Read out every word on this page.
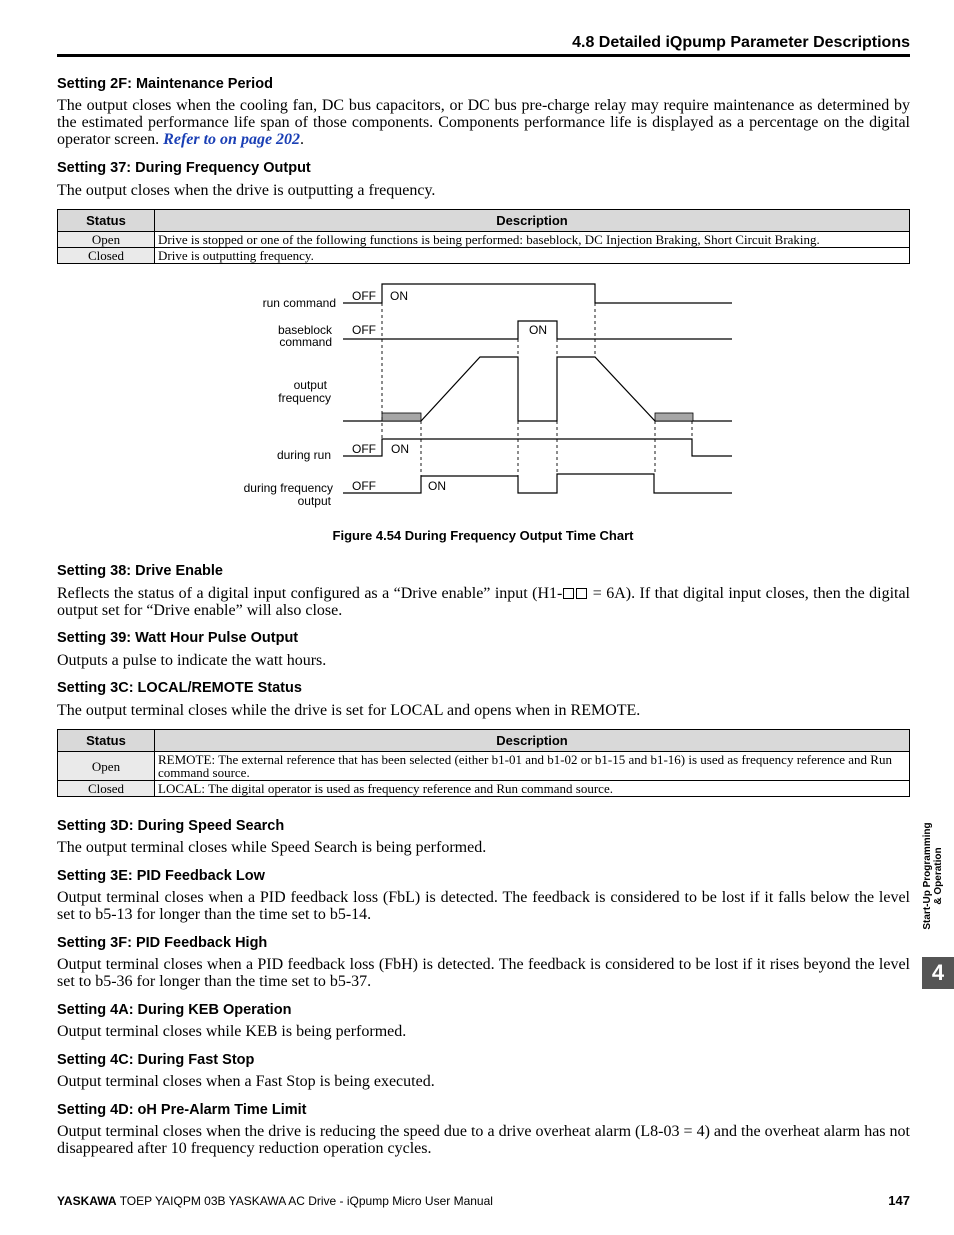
4.8 Detailed iQpump Parameter Descriptions
Setting 2F: Maintenance Period
The output closes when the cooling fan, DC bus capacitors, or DC bus pre-charge relay may require maintenance as determined by the estimated performance life span of those components. Components performance life is displayed as a percentage on the digital operator screen. Refer to on page 202.
Setting 37: During Frequency Output
The output closes when the drive is outputting a frequency.
Status	Description
Open	Drive is stopped or one of the following functions is being performed: baseblock, DC Injection Braking, Short Circuit Braking.
Closed	Drive is outputting frequency.
run command
baseblock
command
output
frequency
during run
during frequency
output
OFF ON
OFF	ON
OFF ON
OFF	ON
Figure 4.54 During Frequency Output Time Chart
Setting 38: Drive Enable
Reflects the status of a digital input configured as a “Drive enable” input (H1- = 6A). If that digital input closes, then the digital output set for “Drive enable” will also close.
Setting 39: Watt Hour Pulse Output
Outputs a pulse to indicate the watt hours.
Setting 3C: LOCAL/REMOTE Status
The output terminal closes while the drive is set for LOCAL and opens when in REMOTE.
Status	Description
Open	REMOTE: The external reference that has been selected (either b1-01 and b1-02 or b1-15 and b1-16) is used as frequency reference and Run command source.
Closed	LOCAL: The digital operator is used as frequency reference and Run command source.
Setting 3D: During Speed Search
The output terminal closes while Speed Search is being performed.
Setting 3E: PID Feedback Low
Output terminal closes when a PID feedback loss (FbL) is detected. The feedback is considered to be lost if it falls below the level set to b5-13 for longer than the time set to b5-14.
Setting 3F: PID Feedback High
Output terminal closes when a PID feedback loss (FbH) is detected. The feedback is considered to be lost if it rises beyond the level set to b5-36 for longer than the time set to b5-37.
Setting 4A: During KEB Operation
Output terminal closes while KEB is being performed.
Setting 4C: During Fast Stop
Output terminal closes when a Fast Stop is being executed.
Setting 4D: oH Pre-Alarm Time Limit
Output terminal closes when the drive is reducing the speed due to a drive overheat alarm (L8-03 = 4) and the overheat alarm has not disappeared after 10 frequency reduction operation cycles.
Start-Up Programming
& Operation
4
YASKAWA TOEP YAIQPM 03B YASKAWA AC Drive - iQpump Micro User Manual	147
